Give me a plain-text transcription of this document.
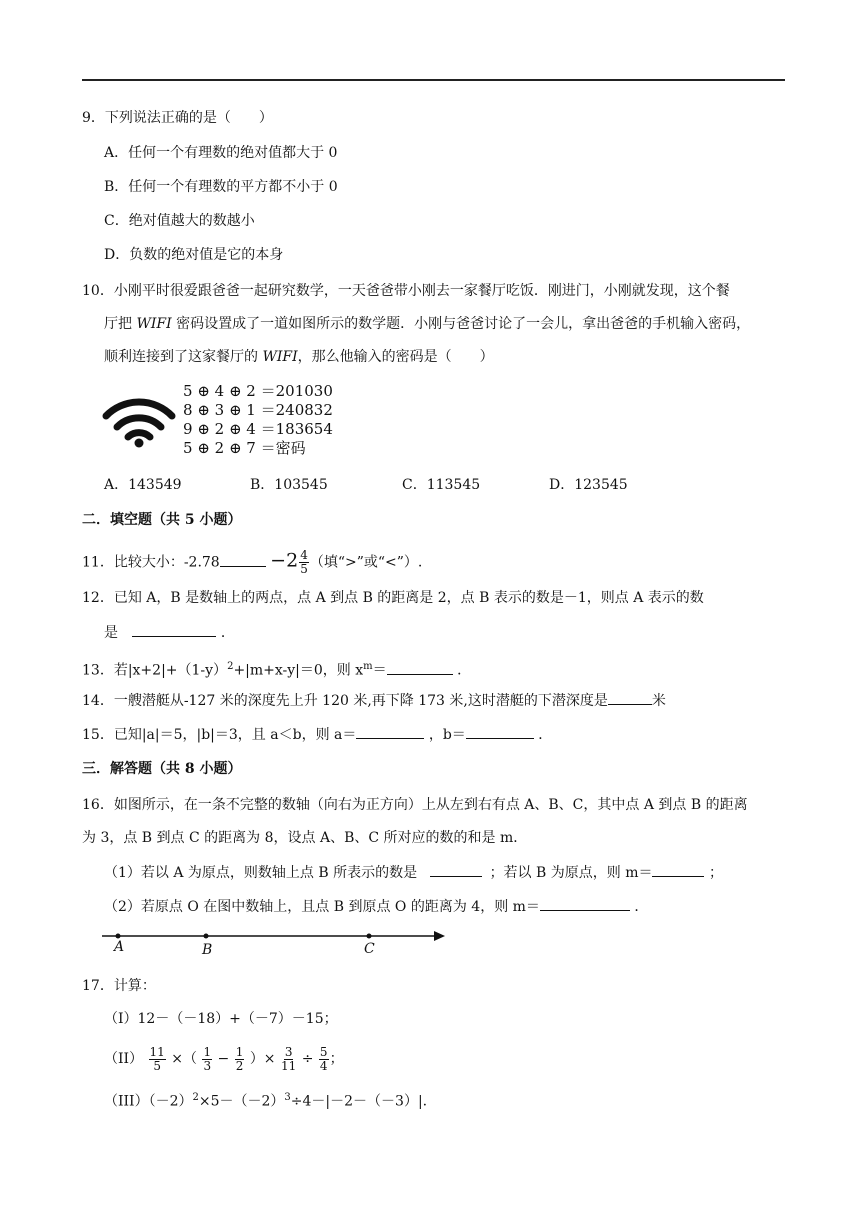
9．下列说法正确的是（　　）
A．任何一个有理数的绝对值都大于 0
B．任何一个有理数的平方都不小于 0
C．绝对值越大的数越小
D．负数的绝对值是它的本身
10．小刚平时很爱跟爸爸一起研究数学，一天爸爸带小刚去一家餐厅吃饭．刚进门，小刚就发现，这个餐
厅把 WIFI 密码设置成了一道如图所示的数学题．小刚与爸爸讨论了一会儿，拿出爸爸的手机输入密码，
顺利连接到了这家餐厅的 WIFI，那么他输入的密码是（　　）
5 ⊕ 4 ⊕ 2 ＝201030
8 ⊕ 3 ⊕ 1 ＝240832
9 ⊕ 2 ⊕ 4 ＝183654
5 ⊕ 2 ⊕ 7 ＝密码
A．143549	B．103545	C．113545	D．123545
二．填空题（共 5 小题）
11．比较大小：-2.78	$-2 \frac{4}{5}$ （填“>”或“<”）.
12．已知 A，B 是数轴上的两点，点 A 到点 B 的距离是 2，点 B 表示的数是－1，则点 A 表示的数
是	．
13．若$|x+2|+(1-y)^2+|m+x-y|=0$，则 $x^m=$	．
14．一艘潜艇从-127 米的深度先上升 120 米,再下降 173 米,这时潜艇的下潜深度是	米
15．已知|a|＝5，|b|＝3，且 a＜b，则 a＝	，b＝	．
三．解答题（共 8 小题）
16．如图所示，在一条不完整的数轴（向右为正方向）上从左到右有点 A、B、C，其中点 A 到点 B 的距离
为 3，点 B 到点 C 的距离为 8，设点 A、B、C 所对应的数的和是 m．
（1）若以 A 为原点，则数轴上点 B 所表示的数是	；若以 B 为原点，则 m＝	；
（2）若原点 O 在图中数轴上，且点 B 到原点 O 的距离为 4，则 m＝	．
A	B	C
17．计算：
（I）12－（－18）+（－7）－15；
$(II) \frac{11}{5}$ ×（ $\frac{1}{3} - \frac{1}{2}$ ）× $\frac{3}{11} \div \frac{5}{4}$ ；
$(III)(-2)^2\times 5-(-2)^3\div 4-|-2-(-3)|$.
